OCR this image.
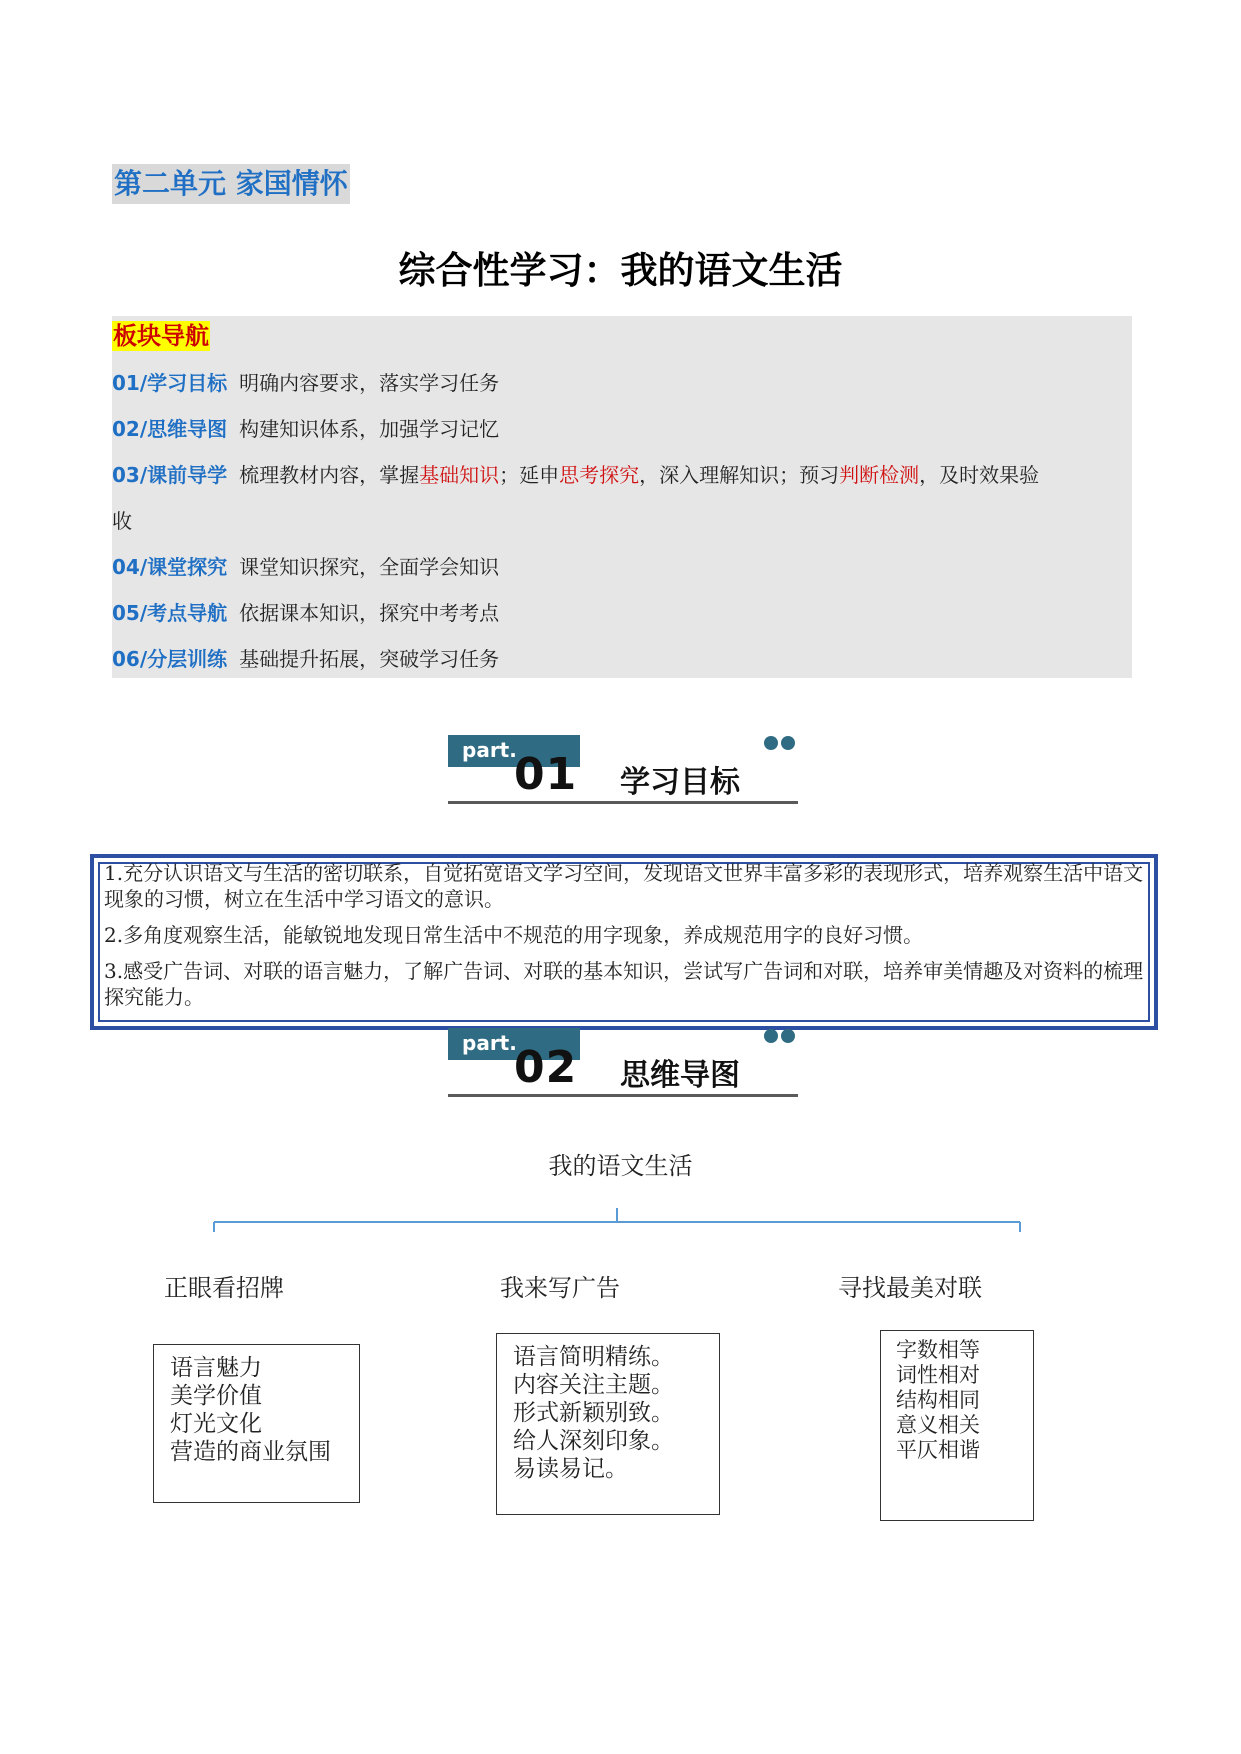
第二单元 家国情怀
综合性学习：我的语文生活
板块导航
01/学习目标 明确内容要求，落实学习任务
02/思维导图 构建知识体系，加强学习记忆
03/课前导学 梳理教材内容，掌握基础知识；延申思考探究，深入理解知识；预习判断检测，及时效果验
收
04/课堂探究 课堂知识探究，全面学会知识
05/考点导航 依据课本知识，探究中考考点
06/分层训练 基础提升拓展，突破学习任务
part.
01 学习目标
1.充分认识语文与生活的密切联系，自觉拓宽语文学习空间，发现语文世界丰富多彩的表现形式，培养观察生活中语文现象的习惯，树立在生活中学习语文的意识。
2.多角度观察生活，能敏锐地发现日常生活中不规范的用字现象，养成规范用字的良好习惯。
3.感受广告词、对联的语言魅力，了解广告词、对联的基本知识，尝试写广告词和对联，培养审美情趣及对资料的梳理探究能力。
part.
02 思维导图
我的语文生活
正眼看招牌	我来写广告	寻找最美对联
语言魅力
美学价值
灯光文化
营造的商业氛围
语言简明精练。
内容关注主题。
形式新颖别致。
给人深刻印象。
易读易记。
字数相等
词性相对
结构相同
意义相关
平仄相谐
